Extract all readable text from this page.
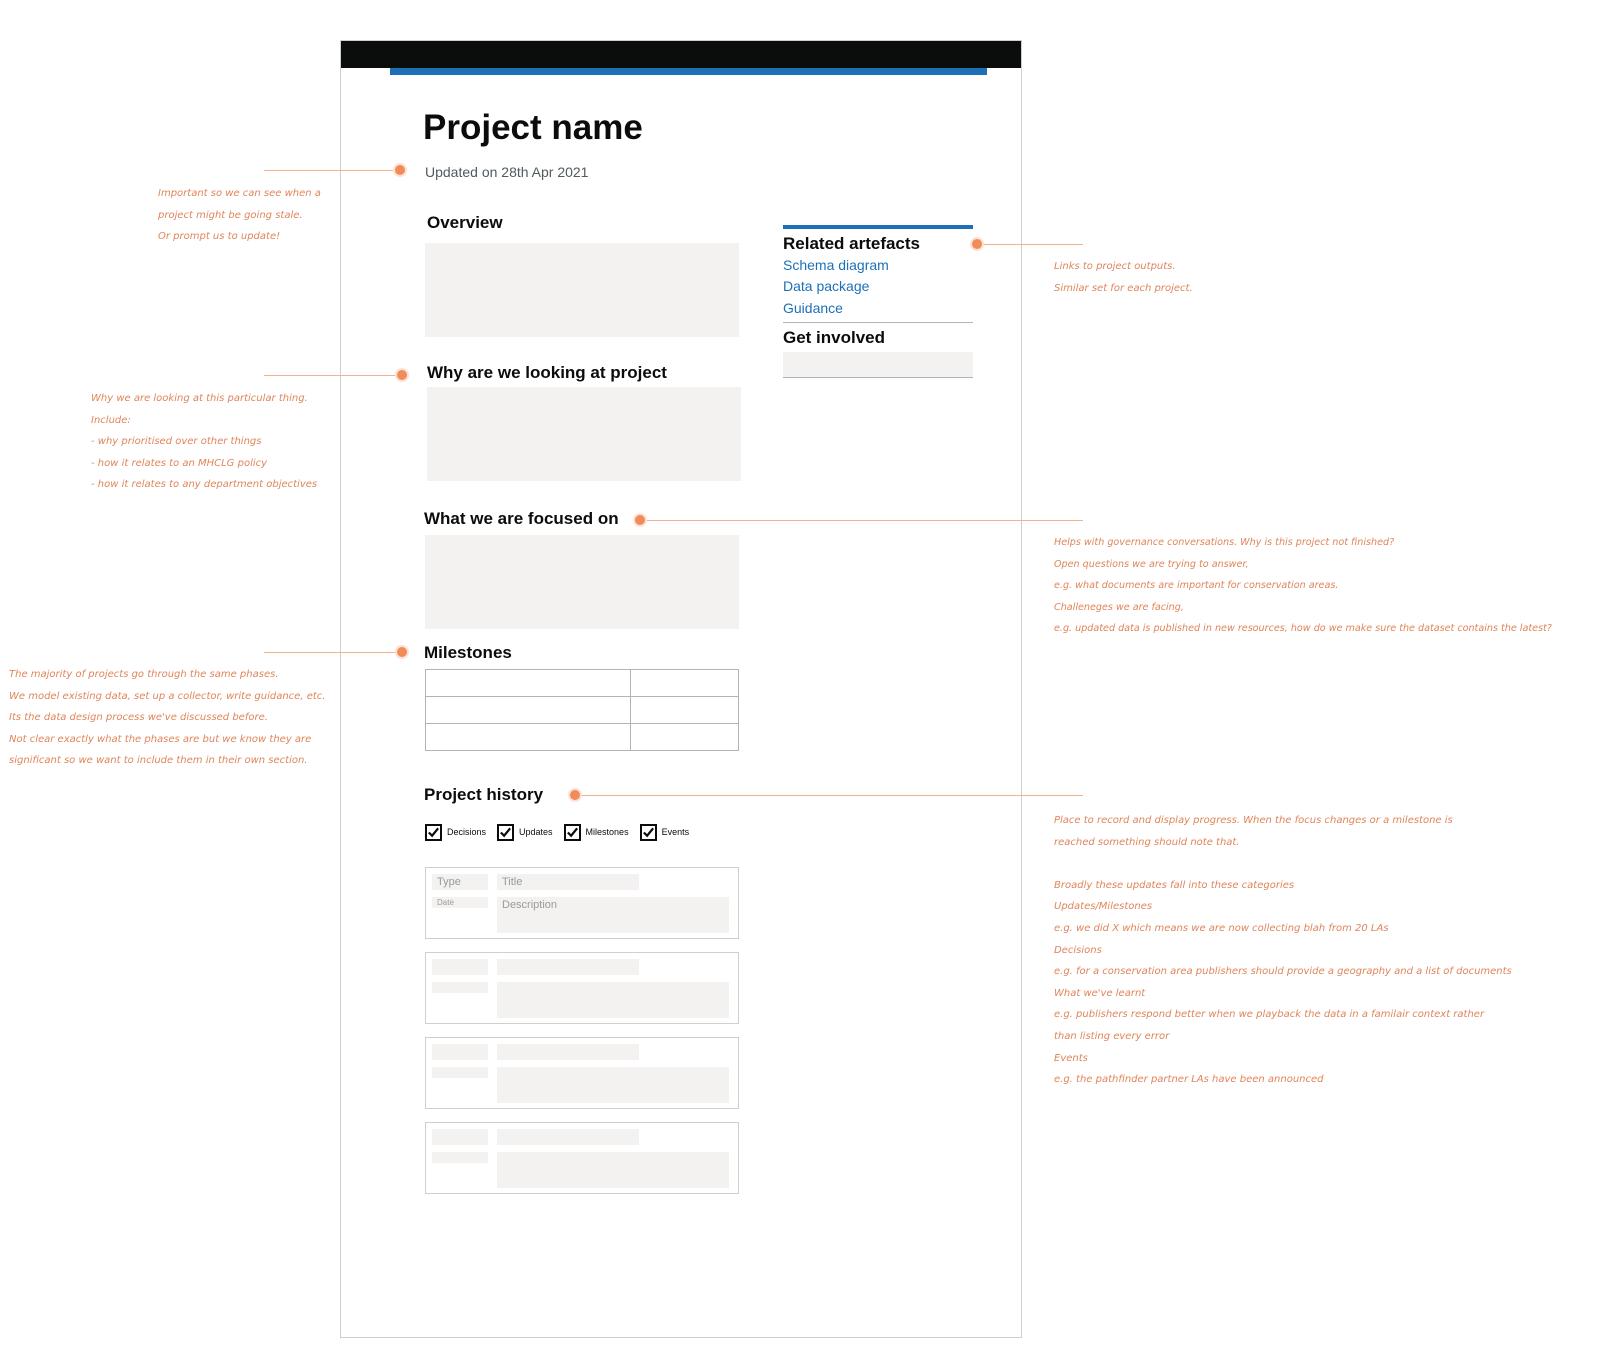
Project name
Updated on 28th Apr 2021
Overview
Why are we looking at project
What we are focused on
Milestones

Project history
Decisions	Updates	Milestones	Events
Type	Title
Date	Description
Related artefacts
Schema diagram
Data package
Guidance
Get involved
Important so we can see when a
project might be going stale.
Or prompt us to update!
Why we are looking at this particular thing.
Include:
- why prioritised over other things
- how it relates to an MHCLG policy
- how it relates to any department objectives
The majority of projects go through the same phases.
We model existing data, set up a collector, write guidance, etc.
Its the data design process we've discussed before.
Not clear exactly what the phases are but we know they are
significant so we want to include them in their own section.
Links to project outputs.
Similar set for each project.
Helps with governance conversations. Why is this project not finished?
Open questions we are trying to answer,
e.g. what documents are important for conservation areas.
Challeneges we are facing,
e.g. updated data is published in new resources, how do we make sure the dataset contains the latest?
Place to record and display progress. When the focus changes or a milestone is
reached something should note that.
Broadly these updates fall into these categories
Updates/Milestones
e.g. we did X which means we are now collecting blah from 20 LAs
Decisions
e.g. for a conservation area publishers should provide a geography and a list of documents
What we've learnt
e.g. publishers respond better when we playback the data in a familair context rather
than listing every error
Events
e.g. the pathfinder partner LAs have been announced
